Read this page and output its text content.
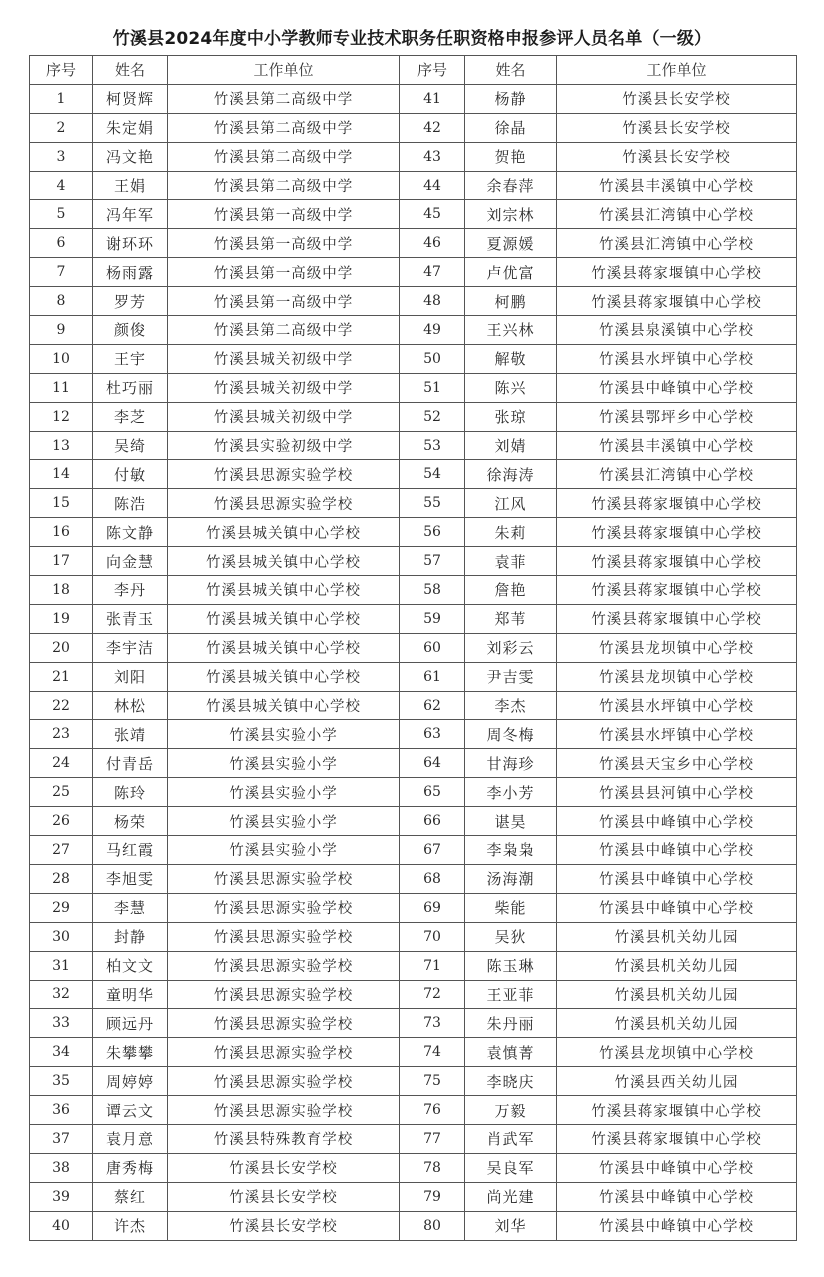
竹溪县2024年度中小学教师专业技术职务任职资格申报参评人员名单（一级）
序号	姓名	工作单位	序号	姓名	工作单位
1	柯贤辉	竹溪县第二高级中学	41	杨静	竹溪县长安学校
2	朱定娟	竹溪县第二高级中学	42	徐晶	竹溪县长安学校
3	冯文艳	竹溪县第二高级中学	43	贺艳	竹溪县长安学校
4	王娟	竹溪县第二高级中学	44	余春萍	竹溪县丰溪镇中心学校
5	冯年军	竹溪县第一高级中学	45	刘宗林	竹溪县汇湾镇中心学校
6	谢环环	竹溪县第一高级中学	46	夏源媛	竹溪县汇湾镇中心学校
7	杨雨露	竹溪县第一高级中学	47	卢优富	竹溪县蒋家堰镇中心学校
8	罗芳	竹溪县第一高级中学	48	柯鹏	竹溪县蒋家堰镇中心学校
9	颜俊	竹溪县第二高级中学	49	王兴林	竹溪县泉溪镇中心学校
10	王宇	竹溪县城关初级中学	50	解敬	竹溪县水坪镇中心学校
11	杜巧丽	竹溪县城关初级中学	51	陈兴	竹溪县中峰镇中心学校
12	李芝	竹溪县城关初级中学	52	张琼	竹溪县鄂坪乡中心学校
13	吴绮	竹溪县实验初级中学	53	刘婧	竹溪县丰溪镇中心学校
14	付敏	竹溪县思源实验学校	54	徐海涛	竹溪县汇湾镇中心学校
15	陈浩	竹溪县思源实验学校	55	江风	竹溪县蒋家堰镇中心学校
16	陈文静	竹溪县城关镇中心学校	56	朱莉	竹溪县蒋家堰镇中心学校
17	向金慧	竹溪县城关镇中心学校	57	袁菲	竹溪县蒋家堰镇中心学校
18	李丹	竹溪县城关镇中心学校	58	詹艳	竹溪县蒋家堰镇中心学校
19	张青玉	竹溪县城关镇中心学校	59	郑苇	竹溪县蒋家堰镇中心学校
20	李宇洁	竹溪县城关镇中心学校	60	刘彩云	竹溪县龙坝镇中心学校
21	刘阳	竹溪县城关镇中心学校	61	尹吉雯	竹溪县龙坝镇中心学校
22	林松	竹溪县城关镇中心学校	62	李杰	竹溪县水坪镇中心学校
23	张靖	竹溪县实验小学	63	周冬梅	竹溪县水坪镇中心学校
24	付青岳	竹溪县实验小学	64	甘海珍	竹溪县天宝乡中心学校
25	陈玲	竹溪县实验小学	65	李小芳	竹溪县县河镇中心学校
26	杨荣	竹溪县实验小学	66	谌昊	竹溪县中峰镇中心学校
27	马红霞	竹溪县实验小学	67	李枭枭	竹溪县中峰镇中心学校
28	李旭雯	竹溪县思源实验学校	68	汤海潮	竹溪县中峰镇中心学校
29	李慧	竹溪县思源实验学校	69	柴能	竹溪县中峰镇中心学校
30	封静	竹溪县思源实验学校	70	吴狄	竹溪县机关幼儿园
31	柏文文	竹溪县思源实验学校	71	陈玉琳	竹溪县机关幼儿园
32	童明华	竹溪县思源实验学校	72	王亚菲	竹溪县机关幼儿园
33	顾远丹	竹溪县思源实验学校	73	朱丹丽	竹溪县机关幼儿园
34	朱攀攀	竹溪县思源实验学校	74	袁慎菁	竹溪县龙坝镇中心学校
35	周婷婷	竹溪县思源实验学校	75	李晓庆	竹溪县西关幼儿园
36	谭云文	竹溪县思源实验学校	76	万毅	竹溪县蒋家堰镇中心学校
37	袁月意	竹溪县特殊教育学校	77	肖武军	竹溪县蒋家堰镇中心学校
38	唐秀梅	竹溪县长安学校	78	吴良军	竹溪县中峰镇中心学校
39	蔡红	竹溪县长安学校	79	尚光建	竹溪县中峰镇中心学校
40	许杰	竹溪县长安学校	80	刘华	竹溪县中峰镇中心学校
